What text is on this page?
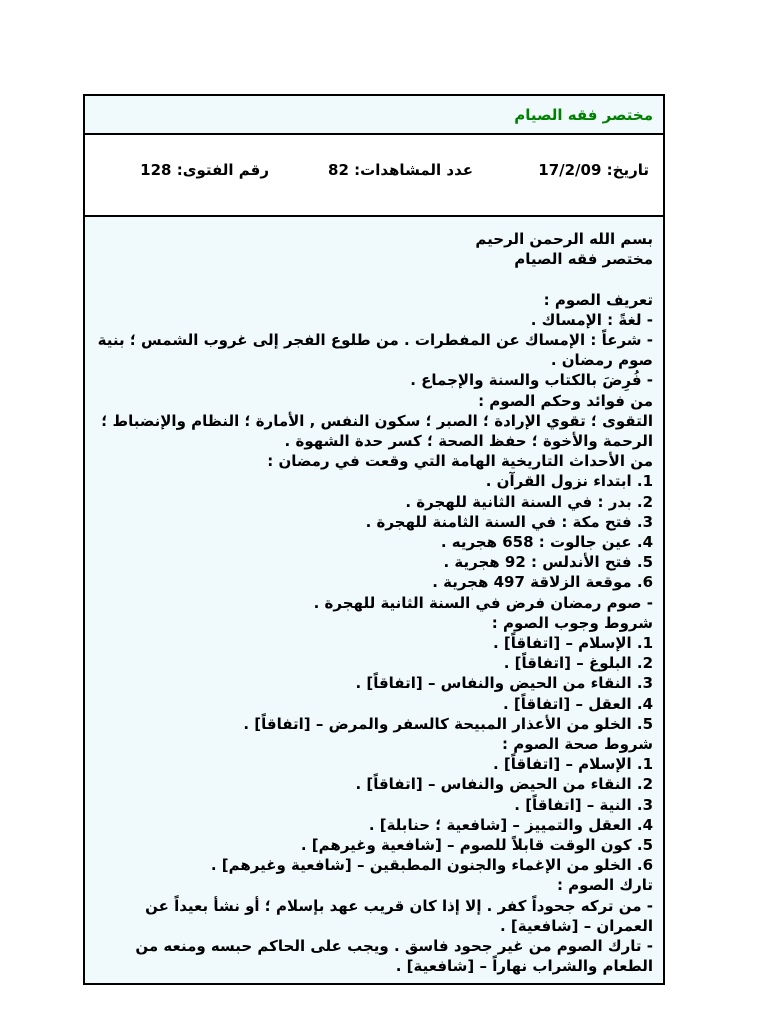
مختصر فقه الصيام
تاريخ: 17/2/09
عدد المشاهدات: 82
رقم الفتوى: 128
بسم الله الرحمن الرحيم
مختصر فقه الصيام
تعريف الصوم :
- لغةً : الإمساك .
- شرعاً : الإمساك عن المفطرات . من طلوع الفجر إلى غروب الشمس ؛ بنية صوم رمضان .
- فُرِضَ بالكتاب والسنة والإجماع .
من فوائد وحكم الصوم :
التقوى ؛ تقوي الإرادة ؛ الصبر ؛ سكون النفس , الأمارة ؛ النظام والإنضباط ؛ الرحمة والأخوة ؛ حفظ الصحة ؛ كسر حدة الشهوة .
من الأحداث التاريخية الهامة التي وقعت في رمضان :
1. ابتداء نزول القرآن .
2. بدر : في السنة الثانية للهجرة .
3. فتح مكة : في السنة الثامنة للهجرة .
4. عين جالوت : 658 هجريه .
5. فتح الأندلس : 92 هجرية .
6. موقعة الزلاقة 497 هجرية .
- صوم رمضان فرض في السنة الثانية للهجرة .
شروط وجوب الصوم :
1. الإسلام – [اتفاقاً] .
2. البلوغ – [اتفاقاً] .
3. النقاء من الحيض والنفاس – [اتفاقاً] .
4. العقل – [اتفاقاً] .
5. الخلو من الأعذار المبيحة كالسفر والمرض – [اتفاقاً] .
شروط صحة الصوم :
1. الإسلام – [اتفاقاً] .
2. النقاء من الحيض والنفاس – [اتفاقاً] .
3. النية – [اتفاقاً] .
4. العقل والتمييز – [شافعية ؛ حنابلة] .
5. كون الوقت قابلاً للصوم – [شافعية وغيرهم] .
6. الخلو من الإغماء والجنون المطبقين – [شافعية وغيرهم] .
تارك الصوم :
- من تركه جحوداً كفر . إلا إذا كان قريب عهد بإسلام ؛ أو نشأ بعيداً عن العمران – [شافعية] .
- تارك الصوم من غير جحود فاسق . ويجب على الحاكم حبسه ومنعه من الطعام والشراب نهاراً – [شافعية] .
